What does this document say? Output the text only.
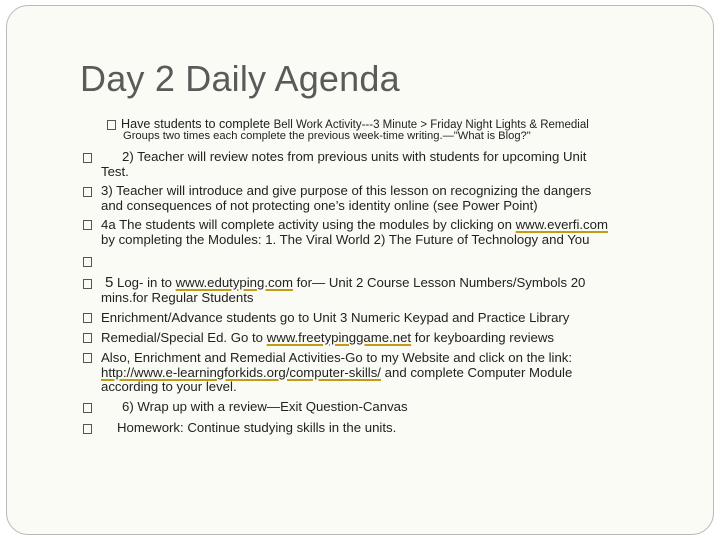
Day 2 Daily Agenda
Have students to complete Bell Work Activity---3 Minute > Friday Night Lights & Remedial
Groups two times each complete the previous week-time writing.—"What is Blog?"
2) Teacher will review notes from previous units with students for upcoming Unit
Test.
3) Teacher will introduce and give purpose of this lesson on recognizing the dangers
and consequences of not protecting one’s identity online (see Power Point)
4a The students will complete activity using the modules by clicking on www.everfi.com
by completing the Modules: 1. The Viral World 2) The Future of Technology and You
5 Log- in to www.edutyping.com for— Unit 2 Course Lesson Numbers/Symbols 20
mins.for Regular Students
Enrichment/Advance students go to Unit 3 Numeric Keypad and Practice Library
Remedial/Special Ed. Go to www.freetypinggame.net for keyboarding reviews
Also, Enrichment and Remedial Activities-Go to my Website and click on the link:
http://www.e-learningforkids.org/computer-skills/ and complete Computer Module
according to your level.
6) Wrap up with a review—Exit Question-Canvas
Homework: Continue studying skills in the units.
